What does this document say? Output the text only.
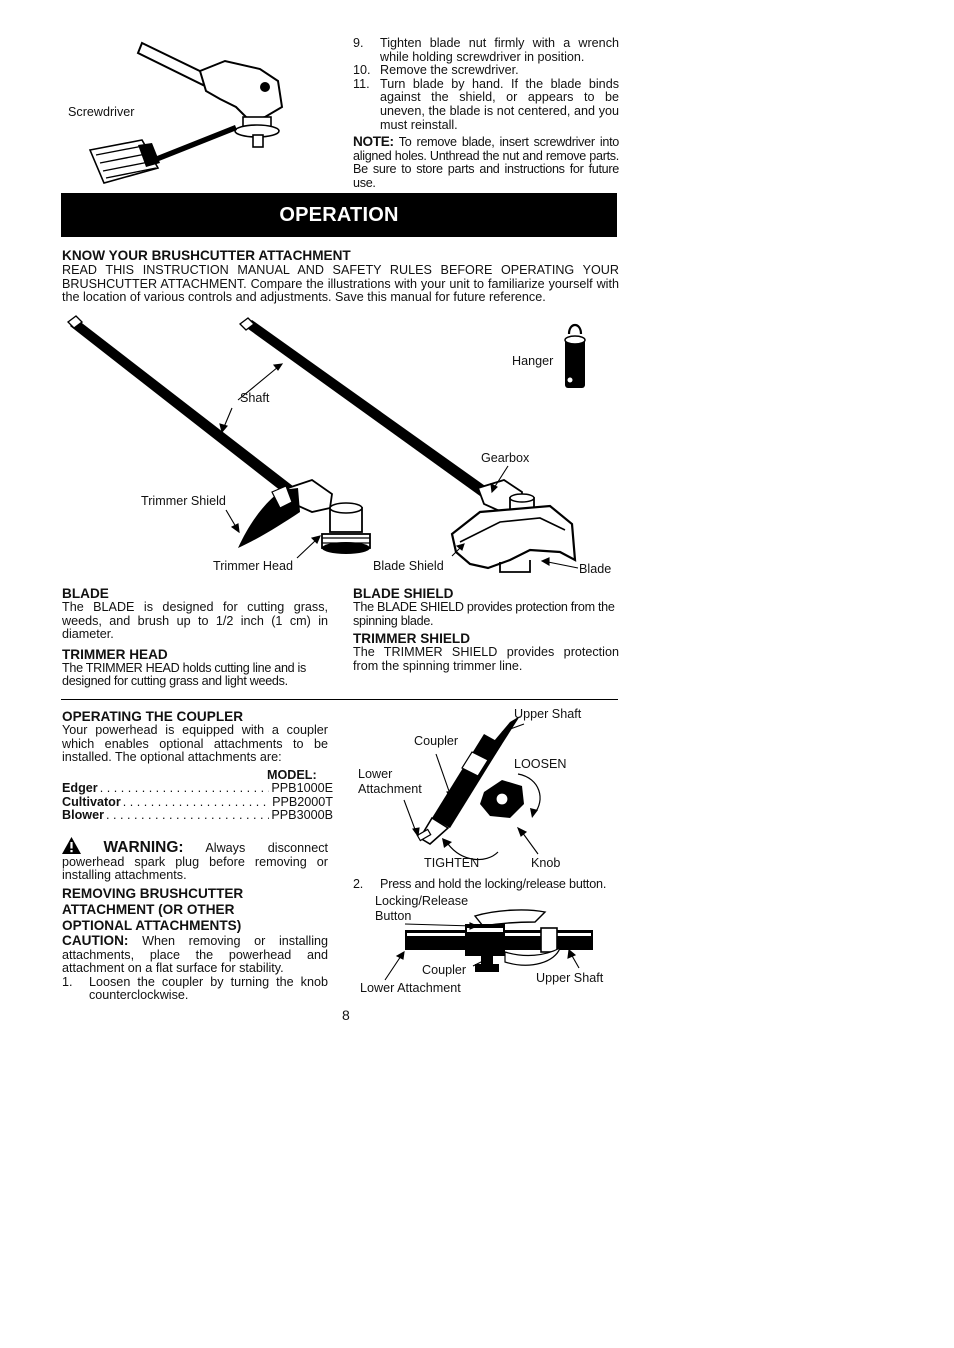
Screwdriver
9. Tighten blade nut firmly with a wrench while holding screwdriver in position.
10. Remove the screwdriver.
11. Turn blade by hand. If the blade binds against the shield, or appears to be uneven, the blade is not centered, and you must reinstall.

NOTE: To remove blade, insert screwdriver into aligned holes. Unthread the nut and remove parts. Be sure to store parts and instructions for future use.

OPERATION

KNOW YOUR BRUSHCUTTER ATTACHMENT

READ THIS INSTRUCTION MANUAL AND SAFETY RULES BEFORE OPERATING YOUR BRUSHCUTTER ATTACHMENT. Compare the illustrations with your unit to familiarize yourself with the location of various controls and adjustments. Save this manual for future reference.

Hanger
Shaft
Gearbox
Trimmer Shield
Trimmer Head	Blade Shield	Blade

BLADE

The BLADE is designed for cutting grass, weeds, and brush up to 1/2 inch (1 cm) in diameter.

TRIMMER HEAD

The TRIMMER HEAD holds cutting line and is designed for cutting grass and light weeds.

BLADE SHIELD

The BLADE SHIELD provides protection from the spinning blade.

TRIMMER SHIELD

The TRIMMER SHIELD provides protection from the spinning trimmer line.

OPERATING THE COUPLER

Your powerhead is equipped with a coupler which enables optional attachments to be installed. The optional attachments are:

MODEL:
Edger . . .	PPB1000E
Cultivator . . .	PPB2000T
Blower . . .	PPB3000B

WARNING: Always disconnect powerhead spark plug before removing or installing attachments.

REMOVING BRUSHCUTTER

ATTACHMENT (OR OTHER

OPTIONAL ATTACHMENTS)

CAUTION: When removing or installing attachments, place the powerhead and attachment on a flat surface for stability.

1. Loosen the coupler by turning the knob counterclockwise.
Upper Shaft
Coupler
LOOSEN
Lower
Attachment
TIGHTEN	Knob
2. Press and hold the locking/release button.
Locking/Release
Button
Coupler
Upper Shaft
Lower Attachment
8
